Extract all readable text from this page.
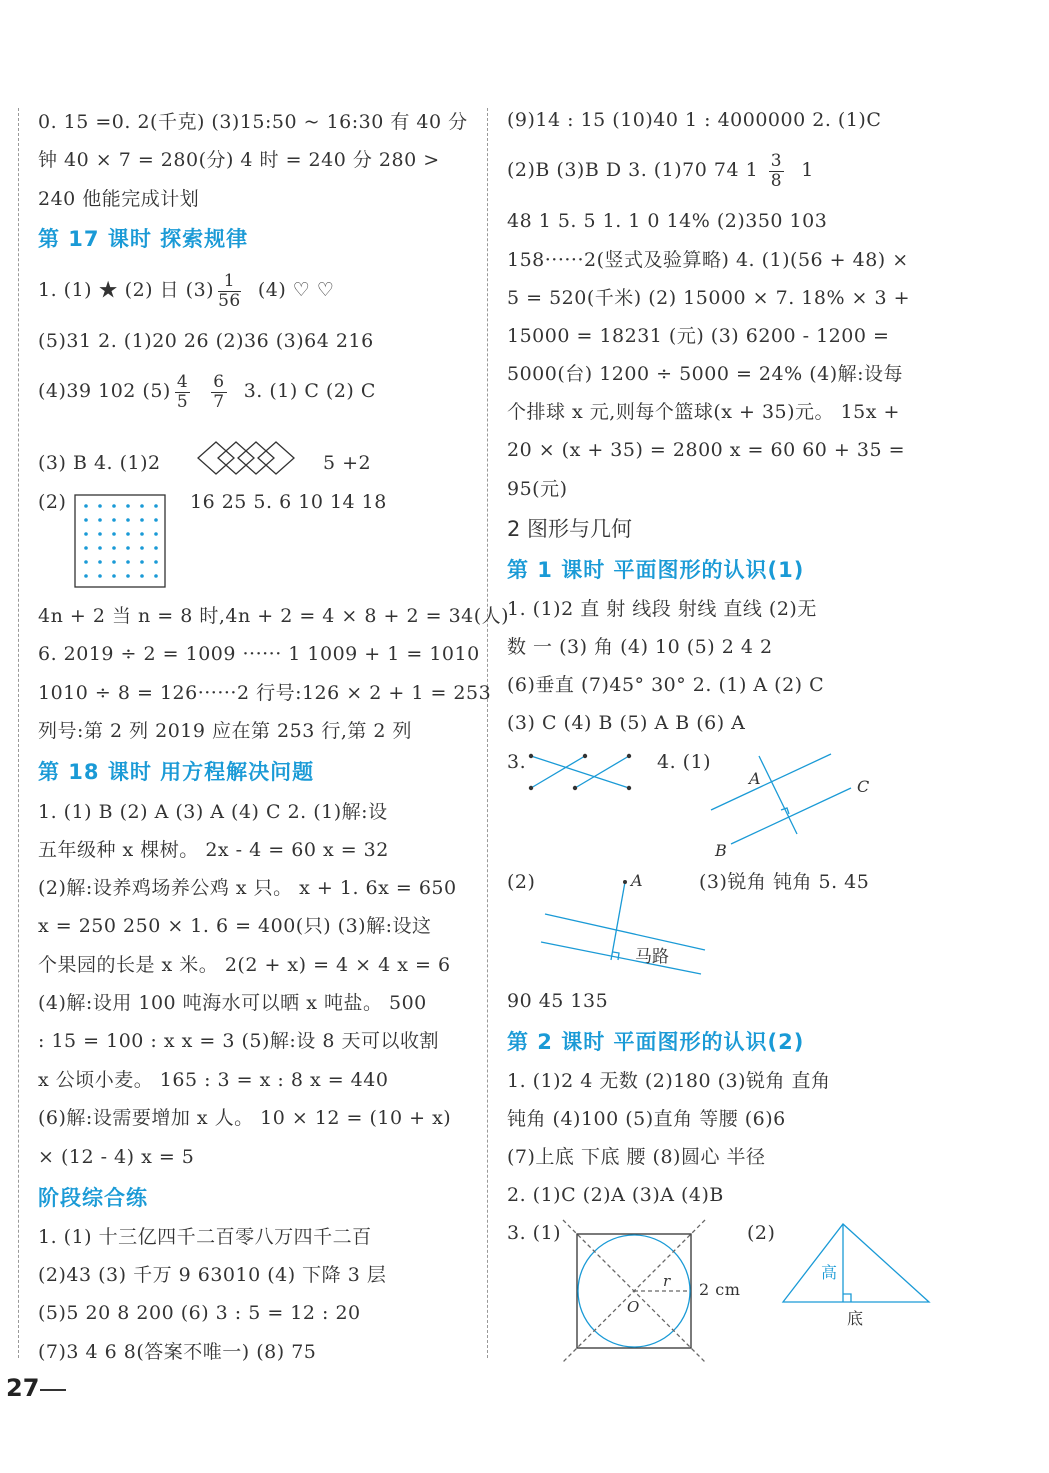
0. 15 =0. 2(千克) (3)15:50 ~ 16:30 有 40 分
钟 40 × 7 = 280(分) 4 时 = 240 分 280 >
240 他能完成计划
第 17 课时 探索规律
1. (1) ★ (2) 日 $(3) \frac{1}{56} (4)$ ♡ ♡
(5)31 2. (1)20 26 (2)36 (3)64 216
(4)39 102 $(5) \frac{4}{5}$
$\frac{6}{7} 3$. (1) C (2) C
(3) B 4. (1)2	5 +2
(2)	16 25 5. 6 10 14 18
4n + 2 当 n = 8 时,4n + 2 = 4 × 8 + 2 = 34(人)
6. 2019 ÷ 2 = 1009 ······ 1 1009 + 1 = 1010
1010 ÷ 8 = 126······2 行号:126 × 2 + 1 = 253
列号:第 2 列 2019 应在第 253 行,第 2 列
第 18 课时 用方程解决问题
1. (1) B (2) A (3) A (4) C 2. (1)解:设
五年级种 x 棵树。 2x - 4 = 60 x = 32
(2)解:设养鸡场养公鸡 x 只。 x + 1. 6x = 650
x = 250 250 × 1. 6 = 400(只) (3)解:设这
个果园的长是 x 米。 2(2 + x) = 4 × 4 x = 6
(4)解:设用 100 吨海水可以晒 x 吨盐。 500
: 15 = 100 : x x = 3 (5)解:设 8 天可以收割
x 公顷小麦。 165 : 3 = x : 8 x = 440
(6)解:设需要增加 x 人。 10 × 12 = (10 + x)
× (12 - 4) x = 5
阶段综合练
1. (1) 十三亿四千二百零八万四千二百
(2)43 (3) 千万 9 63010 (4) 下降 3 层
(5)5 20 8 200 (6) 3 : 5 = 12 : 20
(7)3 4 6 8(答案不唯一) (8) 75
(9)14 : 15 (10)40 1 : 4000000 2. (1)C
(2)B (3)B D 3. (1)70 74 $1 \frac{3}{8} 1$
48 1 5. 5 1. 1 0 14% (2)350 103
158······2(竖式及验算略) 4. (1)(56 + 48) ×
5 = 520(千米) (2) 15000 × 7. 18% × 3 +
15000 = 18231 (元) (3) 6200 - 1200 =
5000(台) 1200 ÷ 5000 = 24% (4)解:设每
个排球 x 元,则每个篮球(x + 35)元。 15x +
20 × (x + 35) = 2800 x = 60 60 + 35 =
95(元)
2 图形与几何
第 1 课时 平面图形的认识(1)
1. (1)2 直 射 线段 射线 直线 (2)无
数 一 (3) 角 (4) 10 (5) 2 4 2
(6)垂直 (7)45° 30° 2. (1) A (2) C
(3) C (4) B (5) A B (6) A
3.	4. (1)
A
B
C
(2)	A
马路
(3)锐角 钝角 5. 45
90 45 135
第 2 课时 平面图形的认识(2)
1. (1)2 4 无数 (2)180 (3)锐角 直角
钝角 (4)100 (5)直角 等腰 (6)6
(7)上底 下底 腰 (8)圆心 半径
2. (1)C (2)A (3)A (4)B
3. (1)
r
O
2 cm
(2)
高
底
27
